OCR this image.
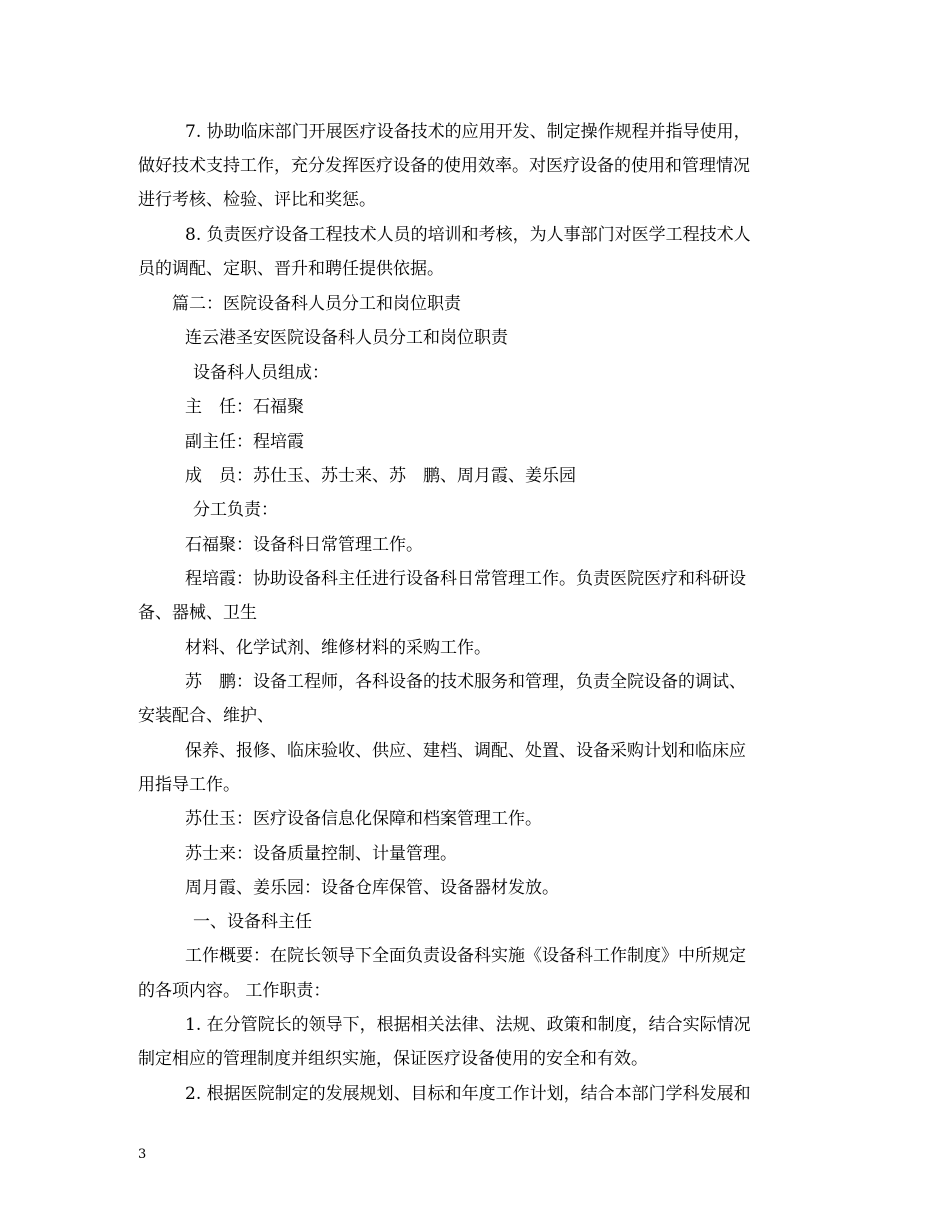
7. 协助临床部门开展医疗设备技术的应用开发、制定操作规程并指导使用，
做好技术支持工作，充分发挥医疗设备的使用效率。对医疗设备的使用和管理情况
进行考核、检验、评比和奖惩。
8. 负责医疗设备工程技术人员的培训和考核，为人事部门对医学工程技术人
员的调配、定职、晋升和聘任提供依据。
篇二：医院设备科人员分工和岗位职责
连云港圣安医院设备科人员分工和岗位职责
设备科人员组成：
主　任：石福聚
副主任：程培霞
成　员：苏仕玉、苏士来、苏　鹏、周月霞、姜乐园
分工负责：
石福聚：设备科日常管理工作。
程培霞：协助设备科主任进行设备科日常管理工作。负责医院医疗和科研设
备、器械、卫生
材料、化学试剂、维修材料的采购工作。
苏　鹏：设备工程师，各科设备的技术服务和管理，负责全院设备的调试、
安装配合、维护、
保养、报修、临床验收、供应、建档、调配、处置、设备采购计划和临床应
用指导工作。
苏仕玉：医疗设备信息化保障和档案管理工作。
苏士来：设备质量控制、计量管理。
周月霞、姜乐园：设备仓库保管、设备器材发放。
一、设备科主任
工作概要：在院长领导下全面负责设备科实施《设备科工作制度》中所规定
的各项内容。 工作职责：
1. 在分管院长的领导下，根据相关法律、法规、政策和制度，结合实际情况
制定相应的管理制度并组织实施，保证医疗设备使用的安全和有效。
2. 根据医院制定的发展规划、目标和年度工作计划，结合本部门学科发展和
3
